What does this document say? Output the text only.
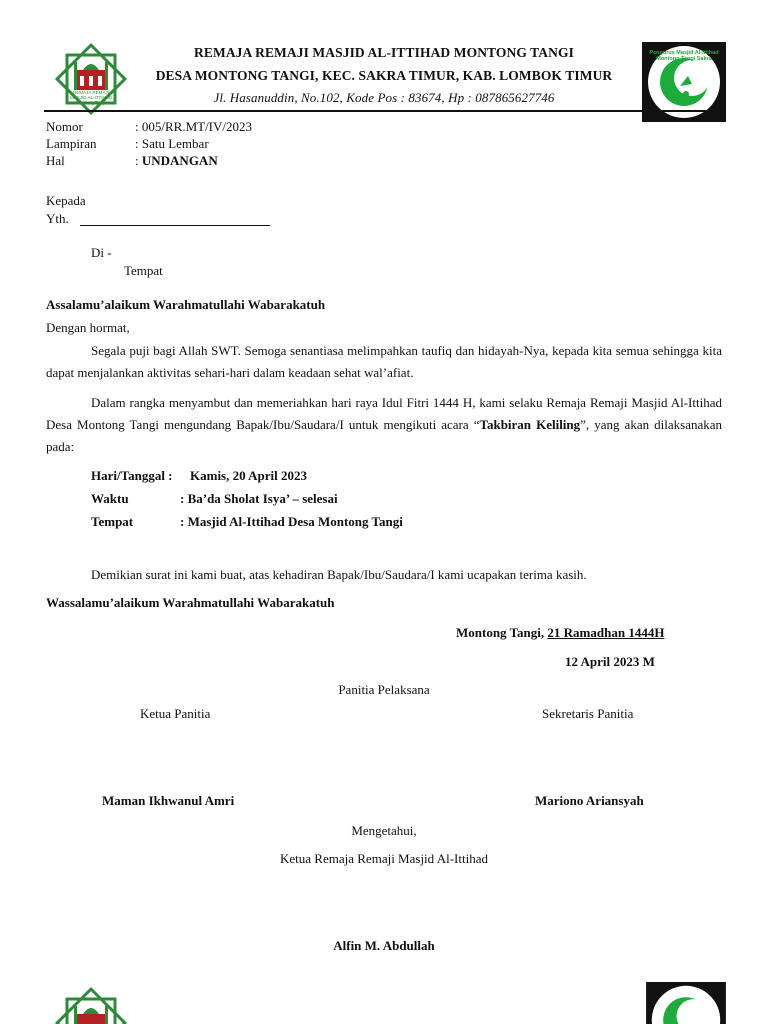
REMAJA REMAJI
MASJID AL-ITTIHAD
Montong Tangi
Pengurus Masjid Al-Ittihad Montong Tangi Sakra
REMAJA REMAJI MASJID AL-ITTIHAD MONTONG TANGI
DESA MONTONG TANGI, KEC. SAKRA TIMUR, KAB. LOMBOK TIMUR
Jl. Hasanuddin, No.102, Kode Pos : 83674, Hp : 087865627746
Nomor	: 005/RR.MT/IV/2023
Lampiran	: Satu Lembar
Hal	: UNDANGAN
Kepada
Yth.
Di -
Tempat
Assalamu’alaikum Warahmatullahi Wabarakatuh
Dengan hormat,
Segala puji bagi Allah SWT. Semoga senantiasa melimpahkan taufiq dan hidayah-Nya, kepada kita semua sehingga kita dapat menjalankan aktivitas sehari-hari dalam keadaan sehat wal’afiat.
Dalam rangka menyambut dan memeriahkan hari raya Idul Fitri 1444 H, kami selaku Remaja Remaji Masjid Al-Ittihad Desa Montong Tangi mengundang Bapak/Ibu/Saudara/I untuk mengikuti acara “Takbiran Keliling”, yang akan dilaksanakan pada:
Hari/Tanggal : Kamis, 20 April 2023
Waktu	: Ba’da Sholat Isya’ – selesai
Tempat	: Masjid Al-Ittihad Desa Montong Tangi
Demikian surat ini kami buat, atas kehadiran Bapak/Ibu/Saudara/I kami ucapakan terima kasih.
Wassalamu’alaikum Warahmatullahi Wabarakatuh
Montong Tangi, 21 Ramadhan 1444H
12 April 2023 M
Panitia Pelaksana
Ketua Panitia	Sekretaris Panitia
Maman Ikhwanul Amri	Mariono Ariansyah
Mengetahui,
Ketua Remaja Remaji Masjid Al-Ittihad
Alfin M. Abdullah
